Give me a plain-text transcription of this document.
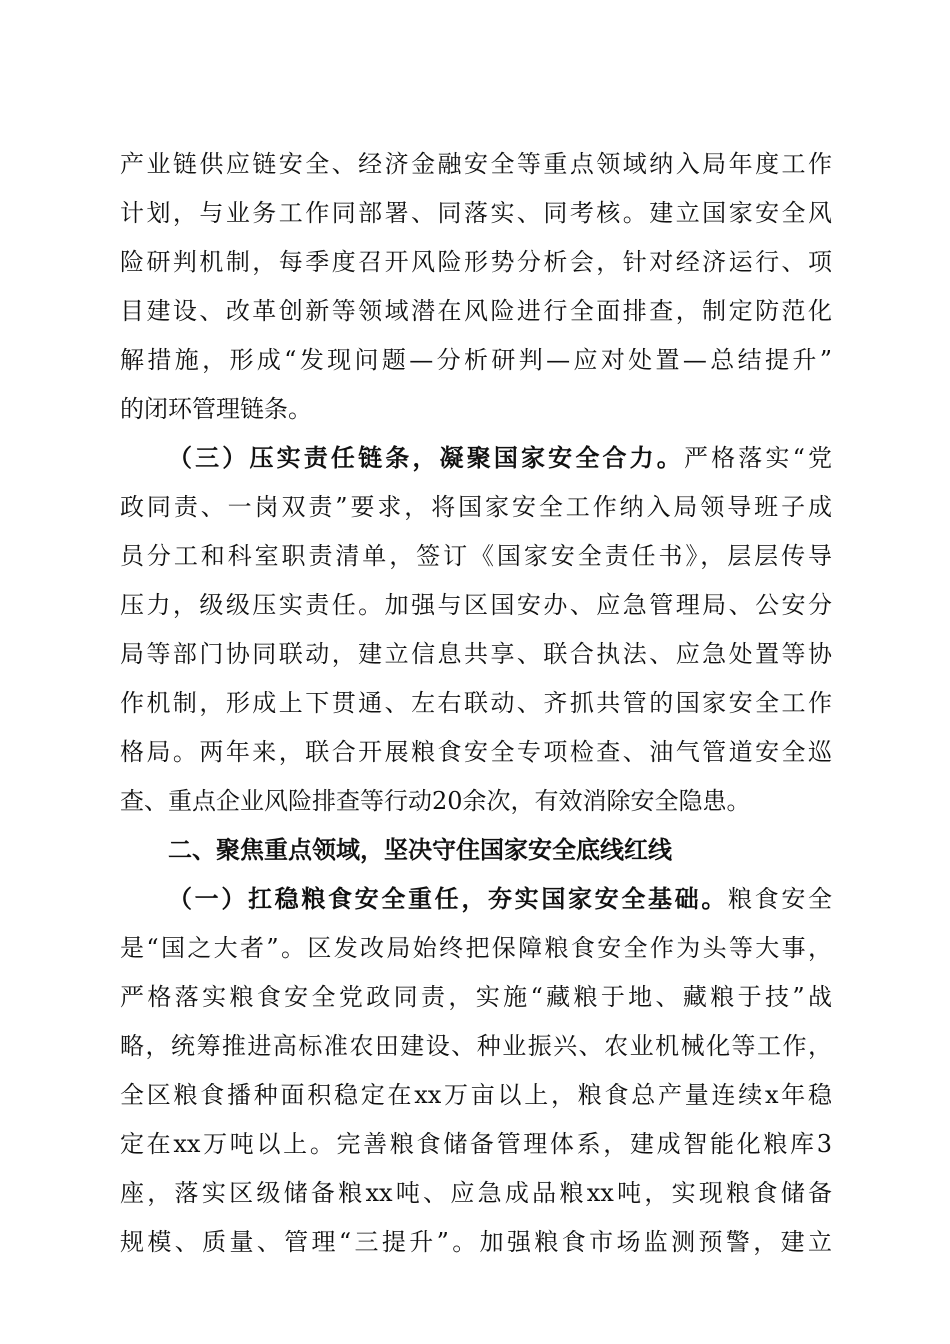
产业链供应链安全、经济金融安全等重点领域纳入局年度工作
计划，与业务工作同部署、同落实、同考核。建立国家安全风
险研判机制，每季度召开风险形势分析会，针对经济运行、项
目建设、改革创新等领域潜在风险进行全面排查，制定防范化
解措施，形成“发现问题—分析研判—应对处置—总结提升”
的闭环管理链条。
（三）压实责任链条，凝聚国家安全合力。严格落实“党
政同责、一岗双责”要求，将国家安全工作纳入局领导班子成
员分工和科室职责清单，签订《国家安全责任书》，层层传导
压力，级级压实责任。加强与区国安办、应急管理局、公安分
局等部门协同联动，建立信息共享、联合执法、应急处置等协
作机制，形成上下贯通、左右联动、齐抓共管的国家安全工作
格局。两年来，联合开展粮食安全专项检查、油气管道安全巡
查、重点企业风险排查等行动20余次，有效消除安全隐患。
二、聚焦重点领域，坚决守住国家安全底线红线
（一）扛稳粮食安全重任，夯实国家安全基础。粮食安全
是“国之大者”。区发改局始终把保障粮食安全作为头等大事，
严格落实粮食安全党政同责，实施“藏粮于地、藏粮于技”战
略，统筹推进高标准农田建设、种业振兴、农业机械化等工作，
全区粮食播种面积稳定在xx万亩以上，粮食总产量连续x年稳
定在xx万吨以上。完善粮食储备管理体系，建成智能化粮库3
座，落实区级储备粮xx吨、应急成品粮xx吨，实现粮食储备
规模、质量、管理“三提升”。加强粮食市场监测预警，建立
